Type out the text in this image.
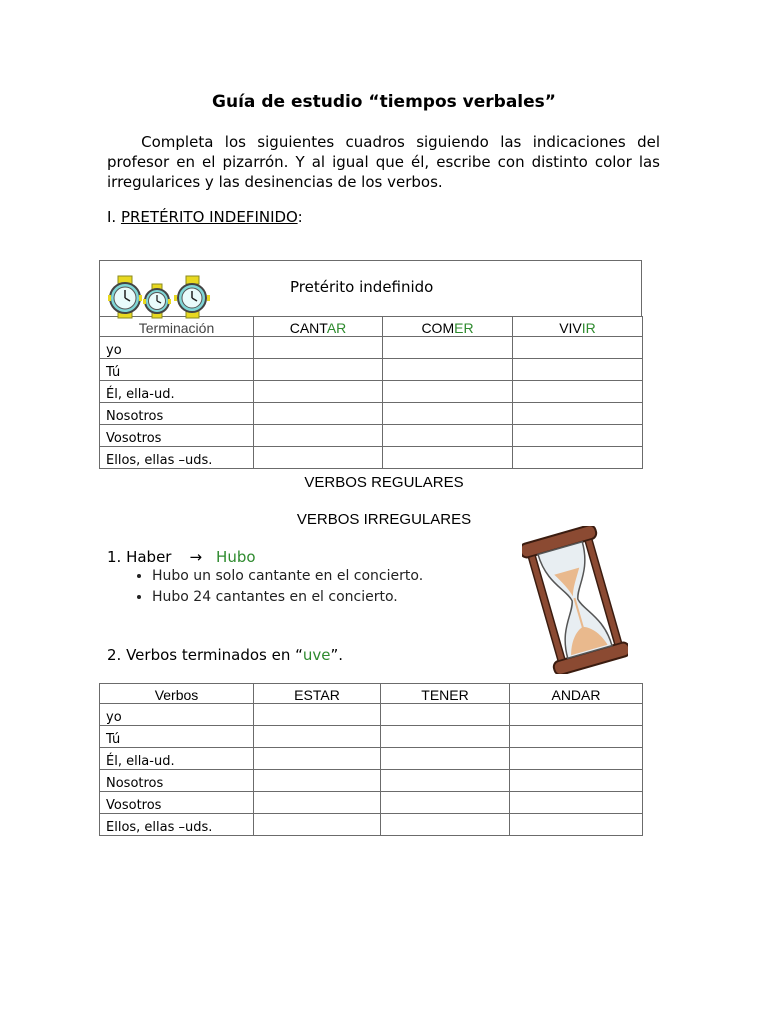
Guía de estudio “tiempos verbales”
Completa los siguientes cuadros siguiendo las indicaciones del profesor en el pizarrón. Y al igual que él, escribe con distinto color las irregularices y las desinencias de los verbos.
I. PRETÉRITO INDEFINIDO:
Pretérito indefinido
Terminación	CANTAR	COMER	VIVIR
yo			
Tú			
Él, ella-ud.			
Nosotros			
Vosotros			
Ellos, ellas –uds.			
VERBOS REGULARES
VERBOS IRREGULARES
1. Haber → Hubo
• Hubo un solo cantante en el concierto.
• Hubo 24 cantantes en el concierto.
2. Verbos terminados en “uve”.
Verbos	ESTAR	TENER	ANDAR
yo			
Tú			
Él, ella-ud.			
Nosotros			
Vosotros			
Ellos, ellas –uds.			
